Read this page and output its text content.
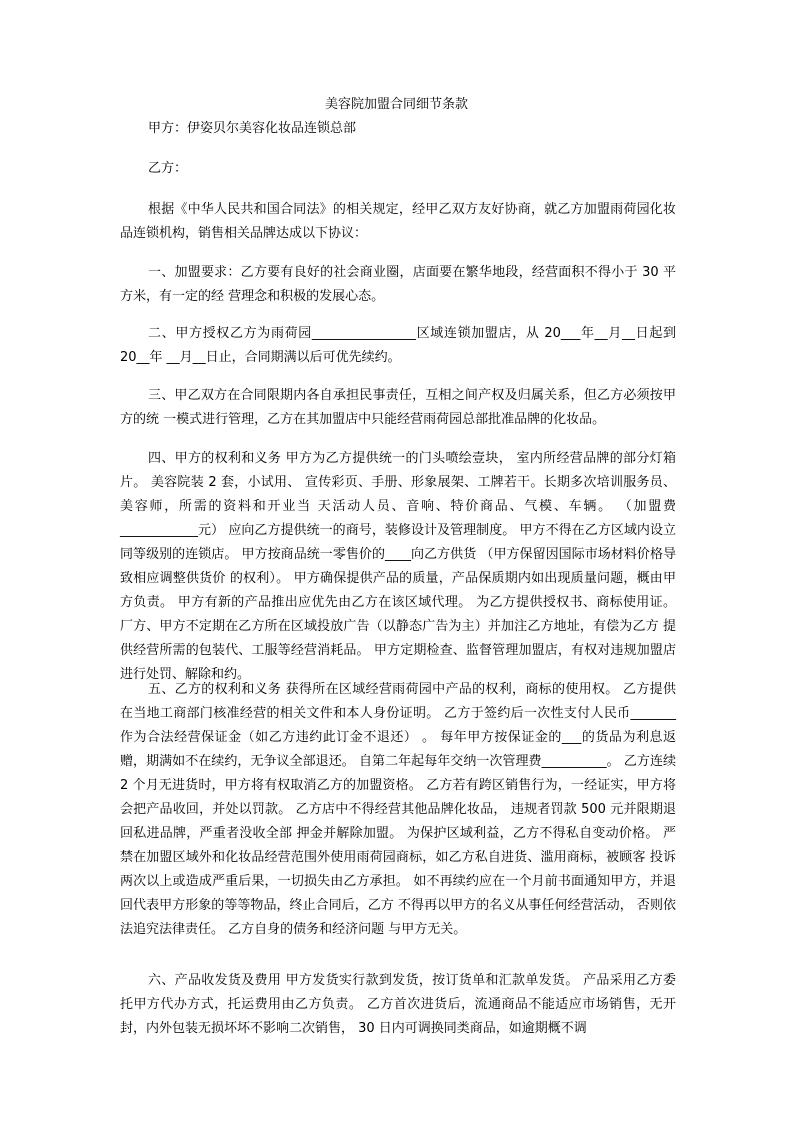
美容院加盟合同细节条款
甲方：伊姿贝尔美容化妆品连锁总部
乙方：

根据《中华人民共和国合同法》的相关规定，经甲乙双方友好协商，就乙方加盟雨荷园化妆品连锁机构，销售相关品牌达成以下协议：

一、加盟要求：乙方要有良好的社会商业圈，店面要在繁华地段，经营面积不得小于 30 平方米，有一定的经 营理念和积极的发展心态。

二、甲方授权乙方为雨荷园________________区域连锁加盟店，从 20___年__月__日起到 20__年 __月__日止，合同期满以后可优先续约。

三、甲乙双方在合同限期内各自承担民事责任，互相之间产权及归属关系，但乙方必须按甲方的统 一模式进行管理，乙方在其加盟店中只能经营雨荷园总部批准品牌的化妆品。

四、甲方的权利和义务 甲方为乙方提供统一的门头喷绘壹块， 室内所经营品牌的部分灯箱片。 美容院装 2 套，小试用、 宣传彩页、手册、形象展架、工牌若干。长期多次培训服务员、美容师，所需的资料和开业当 天活动人员、音响、特价商品、气模、车辆。 （加盟费____________元） 应向乙方提供统一的商号，装修设计及管理制度。 甲方不得在乙方区域内设立同等级别的连锁店。 甲方按商品统一零售价的____向乙方供货 （甲方保留因国际市场材料价格导致相应调整供货价 的权利）。 甲方确保提供产品的质量，产品保质期内如出现质量问题，概由甲方负责。 甲方有新的产品推出应优先由乙方在该区域代理。 为乙方提供授权书、商标使用证。 厂方、甲方不定期在乙方所在区域投放广告（以静态广告为主）并加注乙方地址，有偿为乙方 提供经营所需的包装代、工服等经营消耗品。 甲方定期检查、监督管理加盟店，有权对违规加盟店进行处罚、解除和约。

五、乙方的权利和义务 获得所在区域经营雨荷园中产品的权利，商标的使用权。 乙方提供在当地工商部门核准经营的相关文件和本人身份证明。 乙方于签约后一次性支付人民币_______作为合法经营保证金（如乙方违约此订金不退还） 。 每年甲方按保证金的___的货品为利息返赠，期满如不在续约，无争议全部退还。 自第二年起每年交纳一次管理费__________。 乙方连续 2 个月无进货时，甲方将有权取消乙方的加盟资格。 乙方若有跨区销售行为，一经证实，甲方将会把产品收回，并处以罚款。 乙方店中不得经营其他品牌化妆品， 违规者罚款 500 元并限期退回私进品牌，严重者没收全部 押金并解除加盟。 为保护区域利益，乙方不得私自变动价格。 严禁在加盟区域外和化妆品经营范围外使用雨荷园商标，如乙方私自进货、滥用商标，被顾客 投诉两次以上或造成严重后果，一切损失由乙方承担。 如不再续约应在一个月前书面通知甲方，并退回代表甲方形象的等等物品，终止合同后，乙方 不得再以甲方的名义从事任何经营活动， 否则依法追究法律责任。 乙方自身的债务和经济问题 与甲方无关。

六、产品收发货及费用 甲方发货实行款到发货，按订货单和汇款单发货。 产品采用乙方委托甲方代办方式，托运费用由乙方负责。 乙方首次进货后，流通商品不能适应市场销售，无开封，内外包装无损坏坏不影响二次销售， 30 日内可调换同类商品，如逾期概不调
